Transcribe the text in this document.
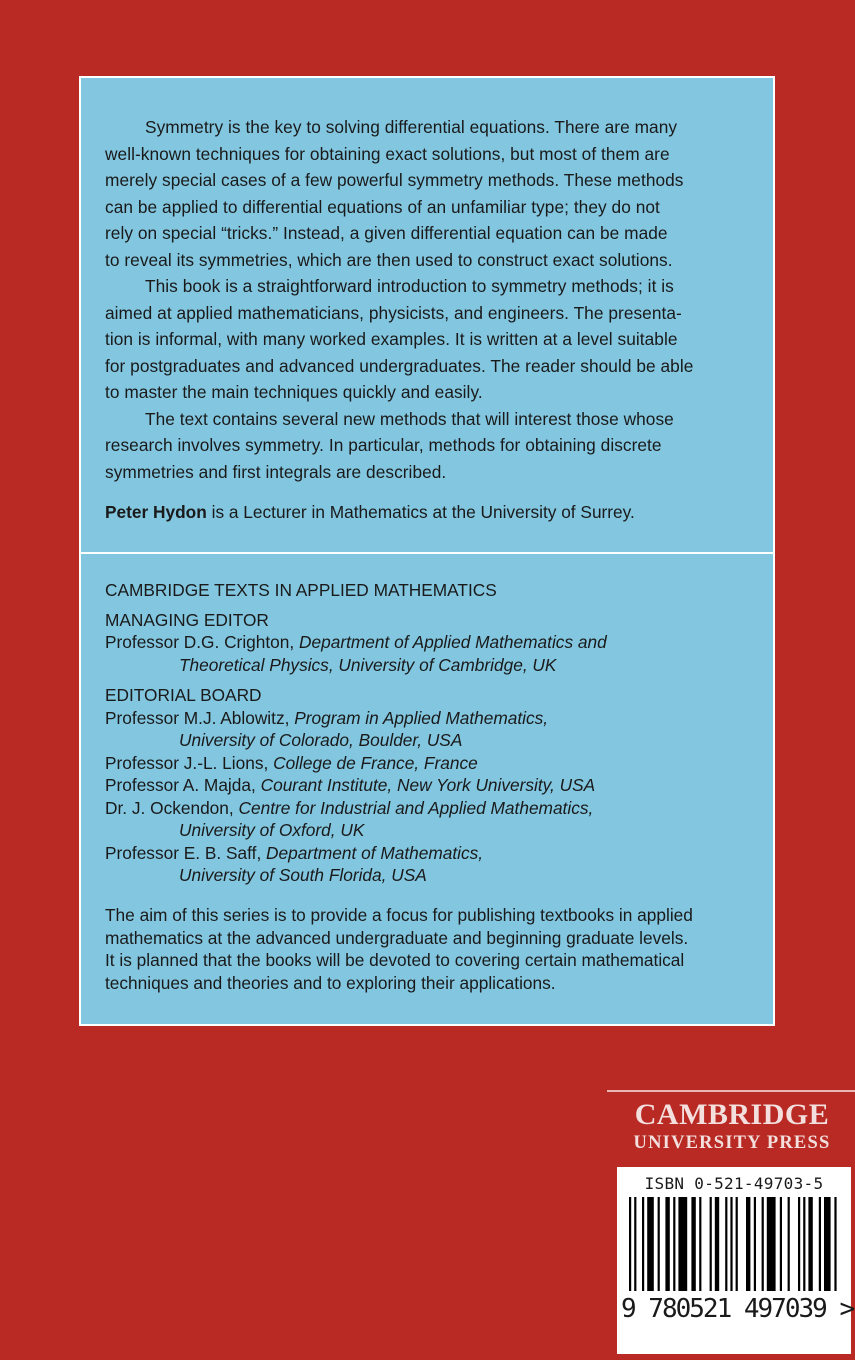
Symmetry is the key to solving differential equations. There are many
well-known techniques for obtaining exact solutions, but most of them are
merely special cases of a few powerful symmetry methods. These methods
can be applied to differential equations of an unfamiliar type; they do not
rely on special “tricks.” Instead, a given differential equation can be made
to reveal its symmetries, which are then used to construct exact solutions.

This book is a straightforward introduction to symmetry methods; it is
aimed at applied mathematicians, physicists, and engineers. The presenta-
tion is informal, with many worked examples. It is written at a level suitable
for postgraduates and advanced undergraduates. The reader should be able
to master the main techniques quickly and easily.

The text contains several new methods that will interest those whose
research involves symmetry. In particular, methods for obtaining discrete
symmetries and first integrals are described.

Peter Hydon is a Lecturer in Mathematics at the University of Surrey.
CAMBRIDGE TEXTS IN APPLIED MATHEMATICS
MANAGING EDITOR
Professor D.G. Crighton, Department of Applied Mathematics and
Theoretical Physics, University of Cambridge, UK
EDITORIAL BOARD
Professor M.J. Ablowitz, Program in Applied Mathematics,
University of Colorado, Boulder, USA
Professor J.-L. Lions, College de France, France
Professor A. Majda, Courant Institute, New York University, USA
Dr. J. Ockendon, Centre for Industrial and Applied Mathematics,
University of Oxford, UK
Professor E. B. Saff, Department of Mathematics,
University of South Florida, USA
The aim of this series is to provide a focus for publishing textbooks in applied
mathematics at the advanced undergraduate and beginning graduate levels.
It is planned that the books will be devoted to covering certain mathematical
techniques and theories and to exploring their applications.
CAMBRIDGE
UNIVERSITY PRESS
ISBN 0-521-49703-5
9 780521 497039 >
